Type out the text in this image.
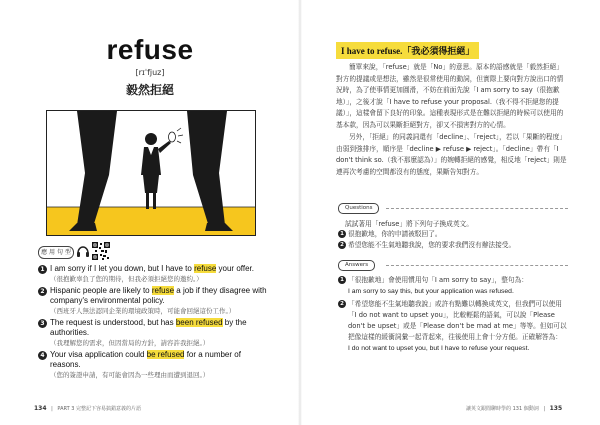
refuse
[rɪˈfjuz]
毅然拒絕
應 用 句 型
1 I am sorry if I let you down, but I have to refuse your offer.
（很抱歉辜負了您的期待，但我必須拒絕您的邀約。）
2 Hispanic people are likely to refuse a job if they disagree with company's environmental policy.
（西班牙人無法認同企業的環境政策時，可能會回絕這份工作。）
3 The request is understood, but has been refused by the authorities.
（我理解您的需求，但因當局的方針，請容許我拒絕。）
4 Your visa application could be refused for a number of reasons.
（您的簽證申請，有可能會因為一些理由而遭到退回。）
134 | PART 3 完整記下容易搞錯意義的片語
I have to refuse.「我必須得拒絕」

簡單來說，「refuse」就是「No」的意思。原本的語感就是「毅然拒絕」對方的提議或是想法，雖然是很常使用的動詞，但實際上要向對方說出口的情況時，為了使事情更加圓滑，不妨在前面先說「I am sorry to say（很抱歉地）」，之後才說「I have to refuse your proposal.（我不得不拒絕您的提議）」，這樣會留下良好的印象。這種表現形式是在難以拒絕的時候可以使用的基本款，因為可以果斷拒絕對方，卻又不損害對方的心情。

另外，「拒絕」的同義詞還有「decline」、「reject」，若以「果斷的程度」由弱到強排序，順序是「decline ▶ refuse ▶ reject」。「decline」帶有「I don't think so.（我不那麼認為）」的婉轉拒絕的感覺，相反地「reject」則是連再次考慮的空間都沒有的態度，果斷告知對方。

Questions
試試著用「refuse」將下列句子換成英文。
1 很抱歉地，你的申請被駁回了。
2 希望您能不生氣地聽我說，您的要求我們沒有辦法接受。
Answers
1 「很抱歉地」會使用慣用句「I am sorry to say」，整句為：
I am sorry to say this, but your application was refused.
2 「希望您能不生氣地聽我說」或許有點難以轉換成英文，但我們可以使用「I do not want to upset you」，比較輕鬆的語氣，可以說「Please don't be upset」或是「Please don't be mad at me」等等。但如可以把像這樣的緩衝詞彙一起背起來，往後使用上會十分方便。正確解答為：
I do not want to upset you, but I have to refuse your request.
讓英文跟閒聊時學的 131 個動詞 | 135
